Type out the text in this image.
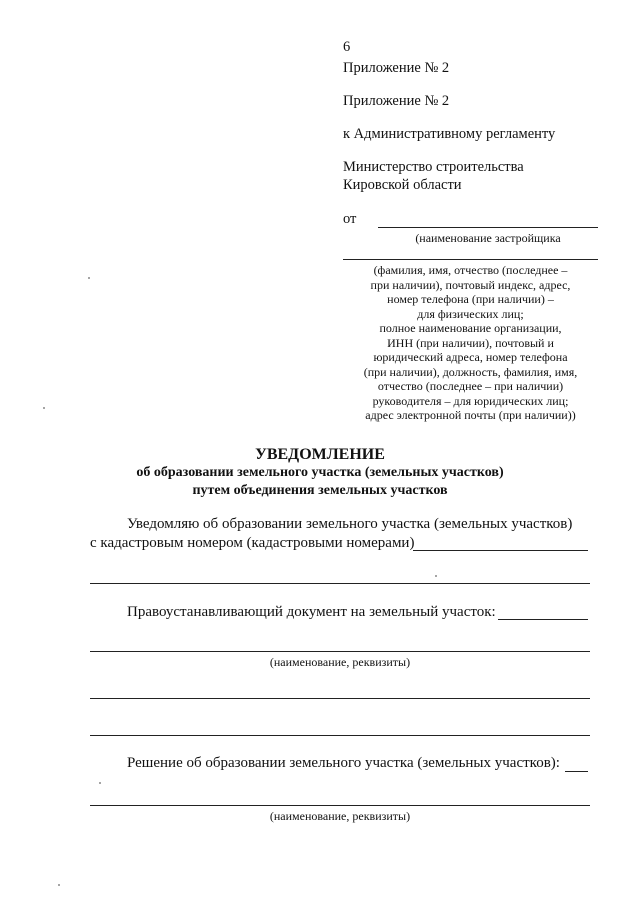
6
Приложение № 2
Приложение № 2
к Административному регламенту
Министерство строительства
Кировской области
от
(наименование застройщика
(фамилия, имя, отчество (последнее –
при наличии), почтовый индекс, адрес,
номер телефона (при наличии) –
для физических лиц;
полное наименование организации,
ИНН (при наличии), почтовый и
юридический адреса, номер телефона
(при наличии), должность, фамилия, имя,
отчество (последнее – при наличии)
руководителя – для юридических лиц;
адрес электронной почты (при наличии))
УВЕДОМЛЕНИЕ
об образовании земельного участка (земельных участков)
путем объединения земельных участков
Уведомляю об образовании земельного участка (земельных участков)
с кадастровым номером (кадастровыми номерами)
Правоустанавливающий документ на земельный участок:
(наименование, реквизиты)
Решение об образовании земельного участка (земельных участков):
(наименование, реквизиты)
